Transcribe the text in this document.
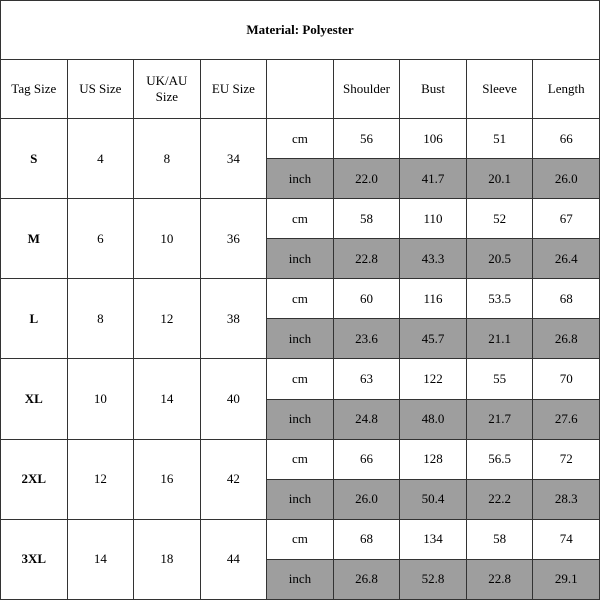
Material: Polyester								
Tag Size	US Size	UK/AU Size	EU Size		Shoulder	Bust	Sleeve	Length
S	4	8	34	cm	56	106	51	66
				inch	22.0	41.7	20.1	26.0
M	6	10	36	cm	58	110	52	67
				inch	22.8	43.3	20.5	26.4
L	8	12	38	cm	60	116	53.5	68
				inch	23.6	45.7	21.1	26.8
XL	10	14	40	cm	63	122	55	70
				inch	24.8	48.0	21.7	27.6
2XL	12	16	42	cm	66	128	56.5	72
				inch	26.0	50.4	22.2	28.3
3XL	14	18	44	cm	68	134	58	74
				inch	26.8	52.8	22.8	29.1
